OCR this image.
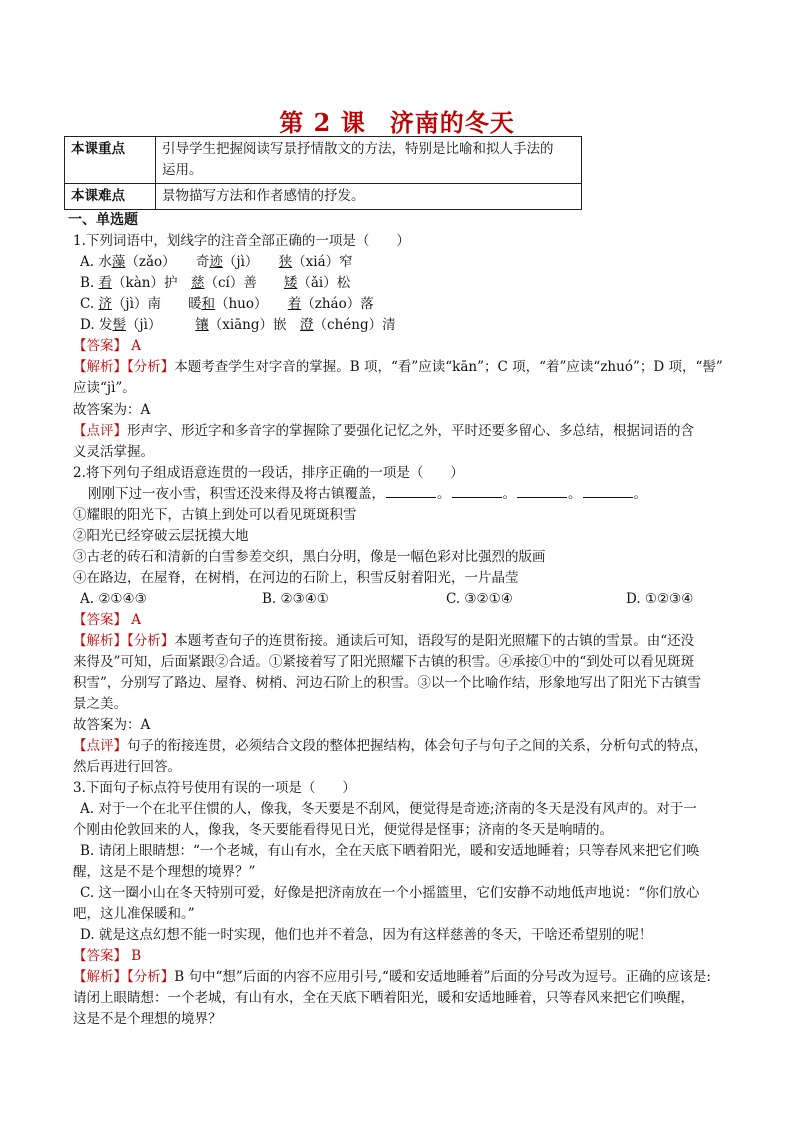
第 2 课 济南的冬天
本课重点	引导学生把握阅读写景抒情散文的方法，特别是比喻和拟人手法的
运用。
本课难点	景物描写方法和作者感情的抒发。
一、单选题
1.下列词语中，划线字的注音全部正确的一项是（　　）
A. 水藻（zǎo）　　奇迹（jì）　　狭（xiá）窄
B. 看（kàn）护　慈（cí）善　　矮（ǎi）松
C. 济（jì）南　　暖和（huo）　　着（zháo）落
D. 发髻（jì）　　　镶（xiāng）嵌　澄（chéng）清
【答案】 A
【解析】【分析】本题考查学生对字音的掌握。B 项，“看”应读“kān”；C 项，“着”应读“zhuó”；D 项，“髻”
应读“jì”。
故答案为：A
【点评】形声字、形近字和多音字的掌握除了要强化记忆之外，平时还要多留心、多总结，根据词语的含
义灵活掌握。
2.将下列句子组成语意连贯的一段话，排序正确的一项是（　　）
刚刚下过一夜小雪，积雪还没来得及将古镇覆盖，	。	。	。	。
①耀眼的阳光下，古镇上到处可以看见斑斑积雪
②阳光已经穿破云层抚摸大地
③古老的砖石和清新的白雪参差交织，黑白分明，像是一幅色彩对比强烈的版画
④在路边，在屋脊，在树梢，在河边的石阶上，积雪反射着阳光，一片晶莹
A. ②①④③	B. ②③④①	C. ③②①④	D. ①②③④
【答案】 A
【解析】【分析】本题考查句子的连贯衔接。通读后可知，语段写的是阳光照耀下的古镇的雪景。由“还没
来得及”可知，后面紧跟②合适。①紧接着写了阳光照耀下古镇的积雪。④承接①中的“到处可以看见斑斑
积雪”，分别写了路边、屋脊、树梢、河边石阶上的积雪。③以一个比喻作结，形象地写出了阳光下古镇雪
景之美。
故答案为：A
【点评】句子的衔接连贯，必须结合文段的整体把握结构，体会句子与句子之间的关系，分析句式的特点，
然后再进行回答。
3.下面句子标点符号使用有误的一项是（　　）
A. 对于一个在北平住惯的人，像我，冬天要是不刮风，便觉得是奇迹;济南的冬天是没有风声的。对于一
个刚由伦敦回来的人，像我，冬天要能看得见日光，便觉得是怪事；济南的冬天是响晴的。
B. 请闭上眼睛想：“一个老城，有山有水，全在天底下晒着阳光，暖和安适地睡着；只等春风来把它们唤
醒，这是不是个理想的境界？”
C. 这一圈小山在冬天特别可爱，好像是把济南放在一个小摇篮里，它们安静不动地低声地说：“你们放心
吧，这儿准保暖和。”
D. 就是这点幻想不能一时实现，他们也并不着急，因为有这样慈善的冬天，干啥还希望别的呢！
【答案】 B
【解析】【分析】B 句中“想”后面的内容不应用引号,“暖和安适地睡着”后面的分号改为逗号。正确的应该是:
请闭上眼睛想：一个老城，有山有水，全在天底下晒着阳光，暖和安适地睡着，只等春风来把它们唤醒，
这是不是个理想的境界？
